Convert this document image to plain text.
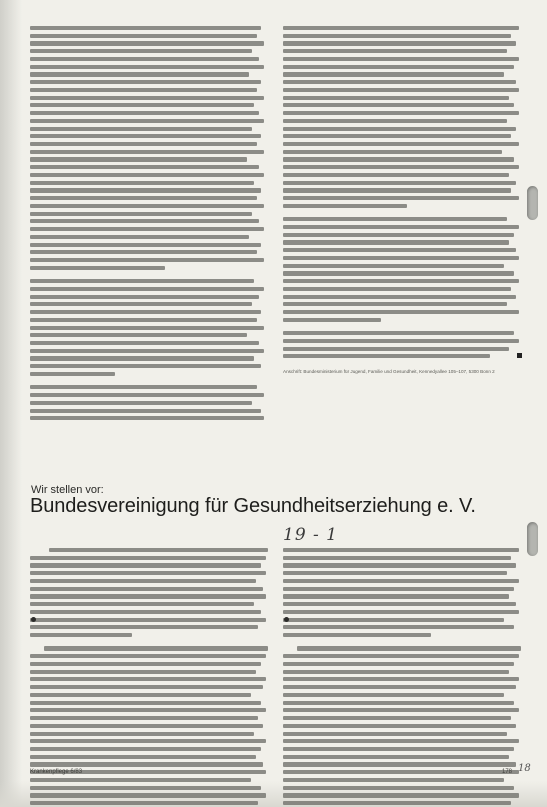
Anschrift: Bundesministerium für Jugend, Familie und Gesundheit, Kennedyallee 105–107, 5300 Bonn 2
Wir stellen vor:
Bundesvereinigung für Gesundheitserziehung e. V.
19 - 1
Krankenpflege 6/83	178 18
